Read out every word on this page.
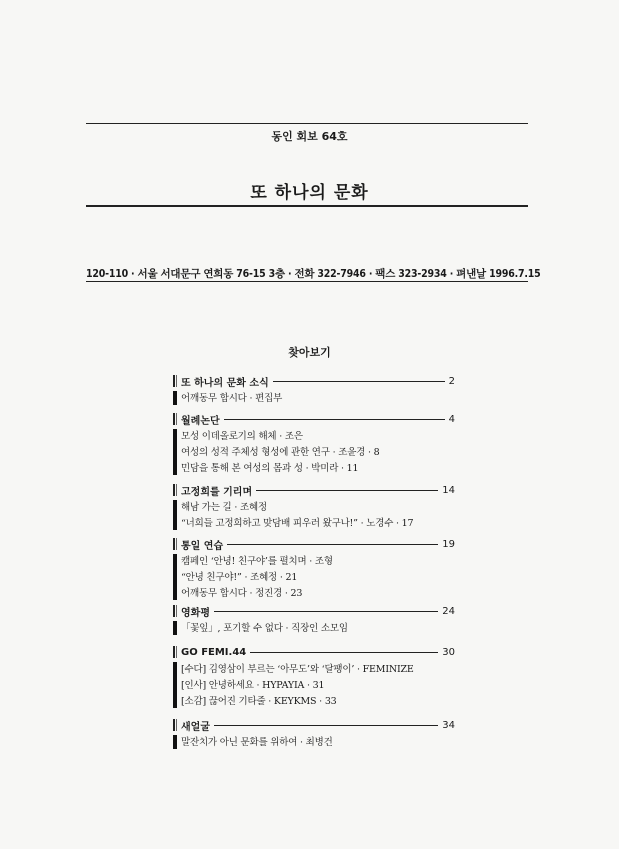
동인 회보 64호
또 하나의 문화
120-110 · 서울 서대문구 연희동 76-15 3층 · 전화 322-7946 · 팩스 323-2934 · 펴낸날 1996.7.15
찾아보기
또 하나의 문화 소식	2
어깨동무 합시다 · 편집부
월례논단	4
모성 이데올로기의 해체 · 조은
여성의 성적 주체성 형성에 관한 연구 · 조윤경 · 8
민담을 통해 본 여성의 몸과 성 · 박미라 · 11
고정희를 기리며	14
해남 가는 길 · 조혜정
“너희들 고정희하고 맞담배 피우러 왔구나!” · 노경수 · 17
통일 연습	19
캠페인 ‘안녕! 친구야’를 펼치며 · 조형
“안녕 친구야!” · 조혜정 · 21
어깨동무 합시다 · 정진경 · 23
영화평	24
「꽃잎」, 포기할 수 없다 · 직장인 소모임
GO FEMI.44	30
[수다] 김영삼이 부르는 ‘아무도’와 ‘달팽이’ · FEMINIZE
[인사] 안녕하세요 · HYPAYIA · 31
[소감] 끊어진 기타줄 · KEYKMS · 33
새얼굴	34
말잔치가 아닌 문화를 위하여 · 최병건
